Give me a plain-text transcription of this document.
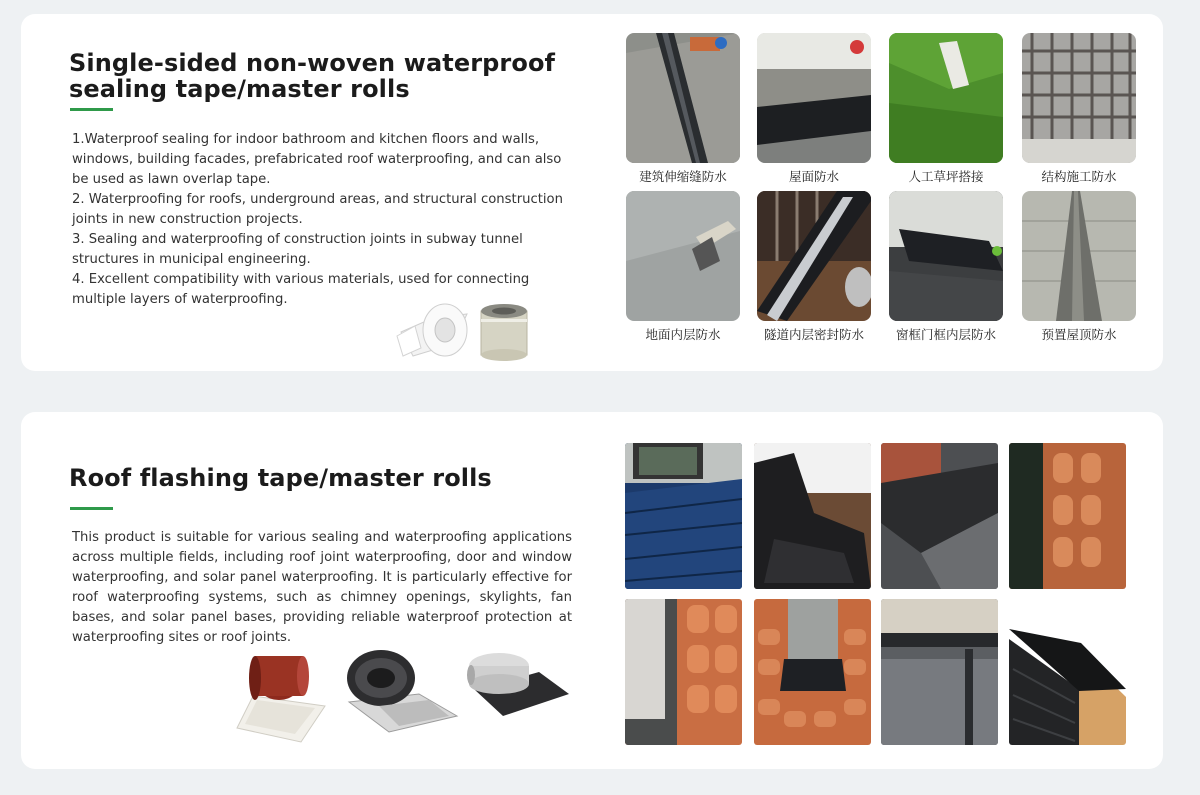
Single-sided non-woven waterproof sealing tape/master rolls

1.Waterproof sealing for indoor bathroom and kitchen floors and walls, windows, building facades, prefabricated roof waterproofing, and can also be used as lawn overlap tape.

2. Waterproofing for roofs, underground areas, and structural construction joints in new construction projects.

3. Sealing and waterproofing of construction joints in subway tunnel structures in municipal engineering.

4. Excellent compatibility with various materials, used for connecting multiple layers of waterproofing.

建筑伸缩缝防水	屋面防水	人工草坪搭接	结构施工防水
地面内层防水	隧道内层密封防水	窗框门框内层防水	预置屋顶防水
Roof flashing tape/master rolls

This product is suitable for various sealing and waterproofing applications across multiple fields, including roof joint waterproofing, door and window waterproofing, and solar panel waterproofing. It is particularly effective for roof waterproofing systems, such as chimney openings, skylights, fan bases, and solar panel bases, providing reliable waterproof protection at waterproofing sites or roof joints.
